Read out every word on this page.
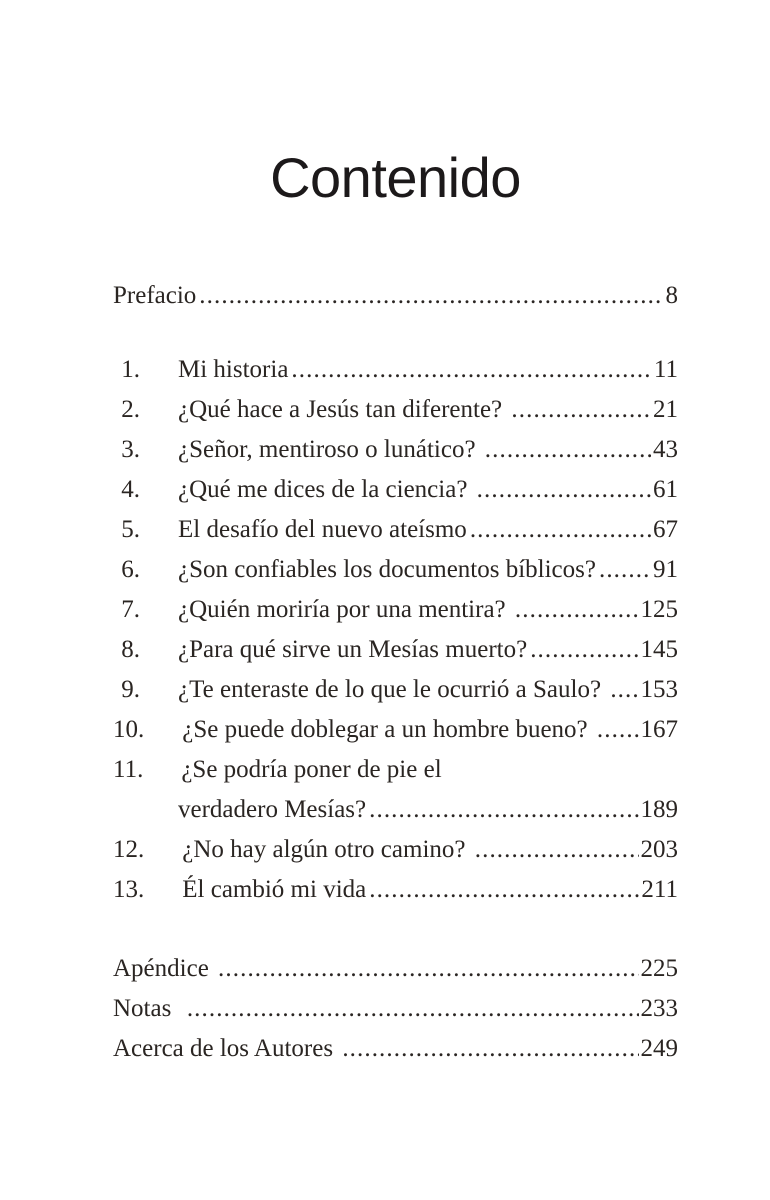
Contenido
Prefacio .....	8
1. Mi historia .....	11
2. ¿Qué hace a Jesús tan diferente? .....	21
3. ¿Señor, mentiroso o lunático? .....	43
4. ¿Qué me dices de la ciencia? .....	61
5. El desafío del nuevo ateísmo .....	67
6. ¿Son confiables los documentos bíblicos? ..... 91
7. ¿Quién moriría por una mentira? .....	125
8. ¿Para qué sirve un Mesías muerto? .....	145
9. ¿Te enteraste de lo que le ocurrió a Saulo? ..... 153
10. ¿Se puede doblegar a un hombre bueno? ..... 167
11. ¿Se podría poner de pie el
verdadero Mesías? .....	189
12. ¿No hay algún otro camino? .....	203
13. Él cambió mi vida .....	211
Apéndice .....	225
Notas .....	233
Acerca de los Autores .....	249
